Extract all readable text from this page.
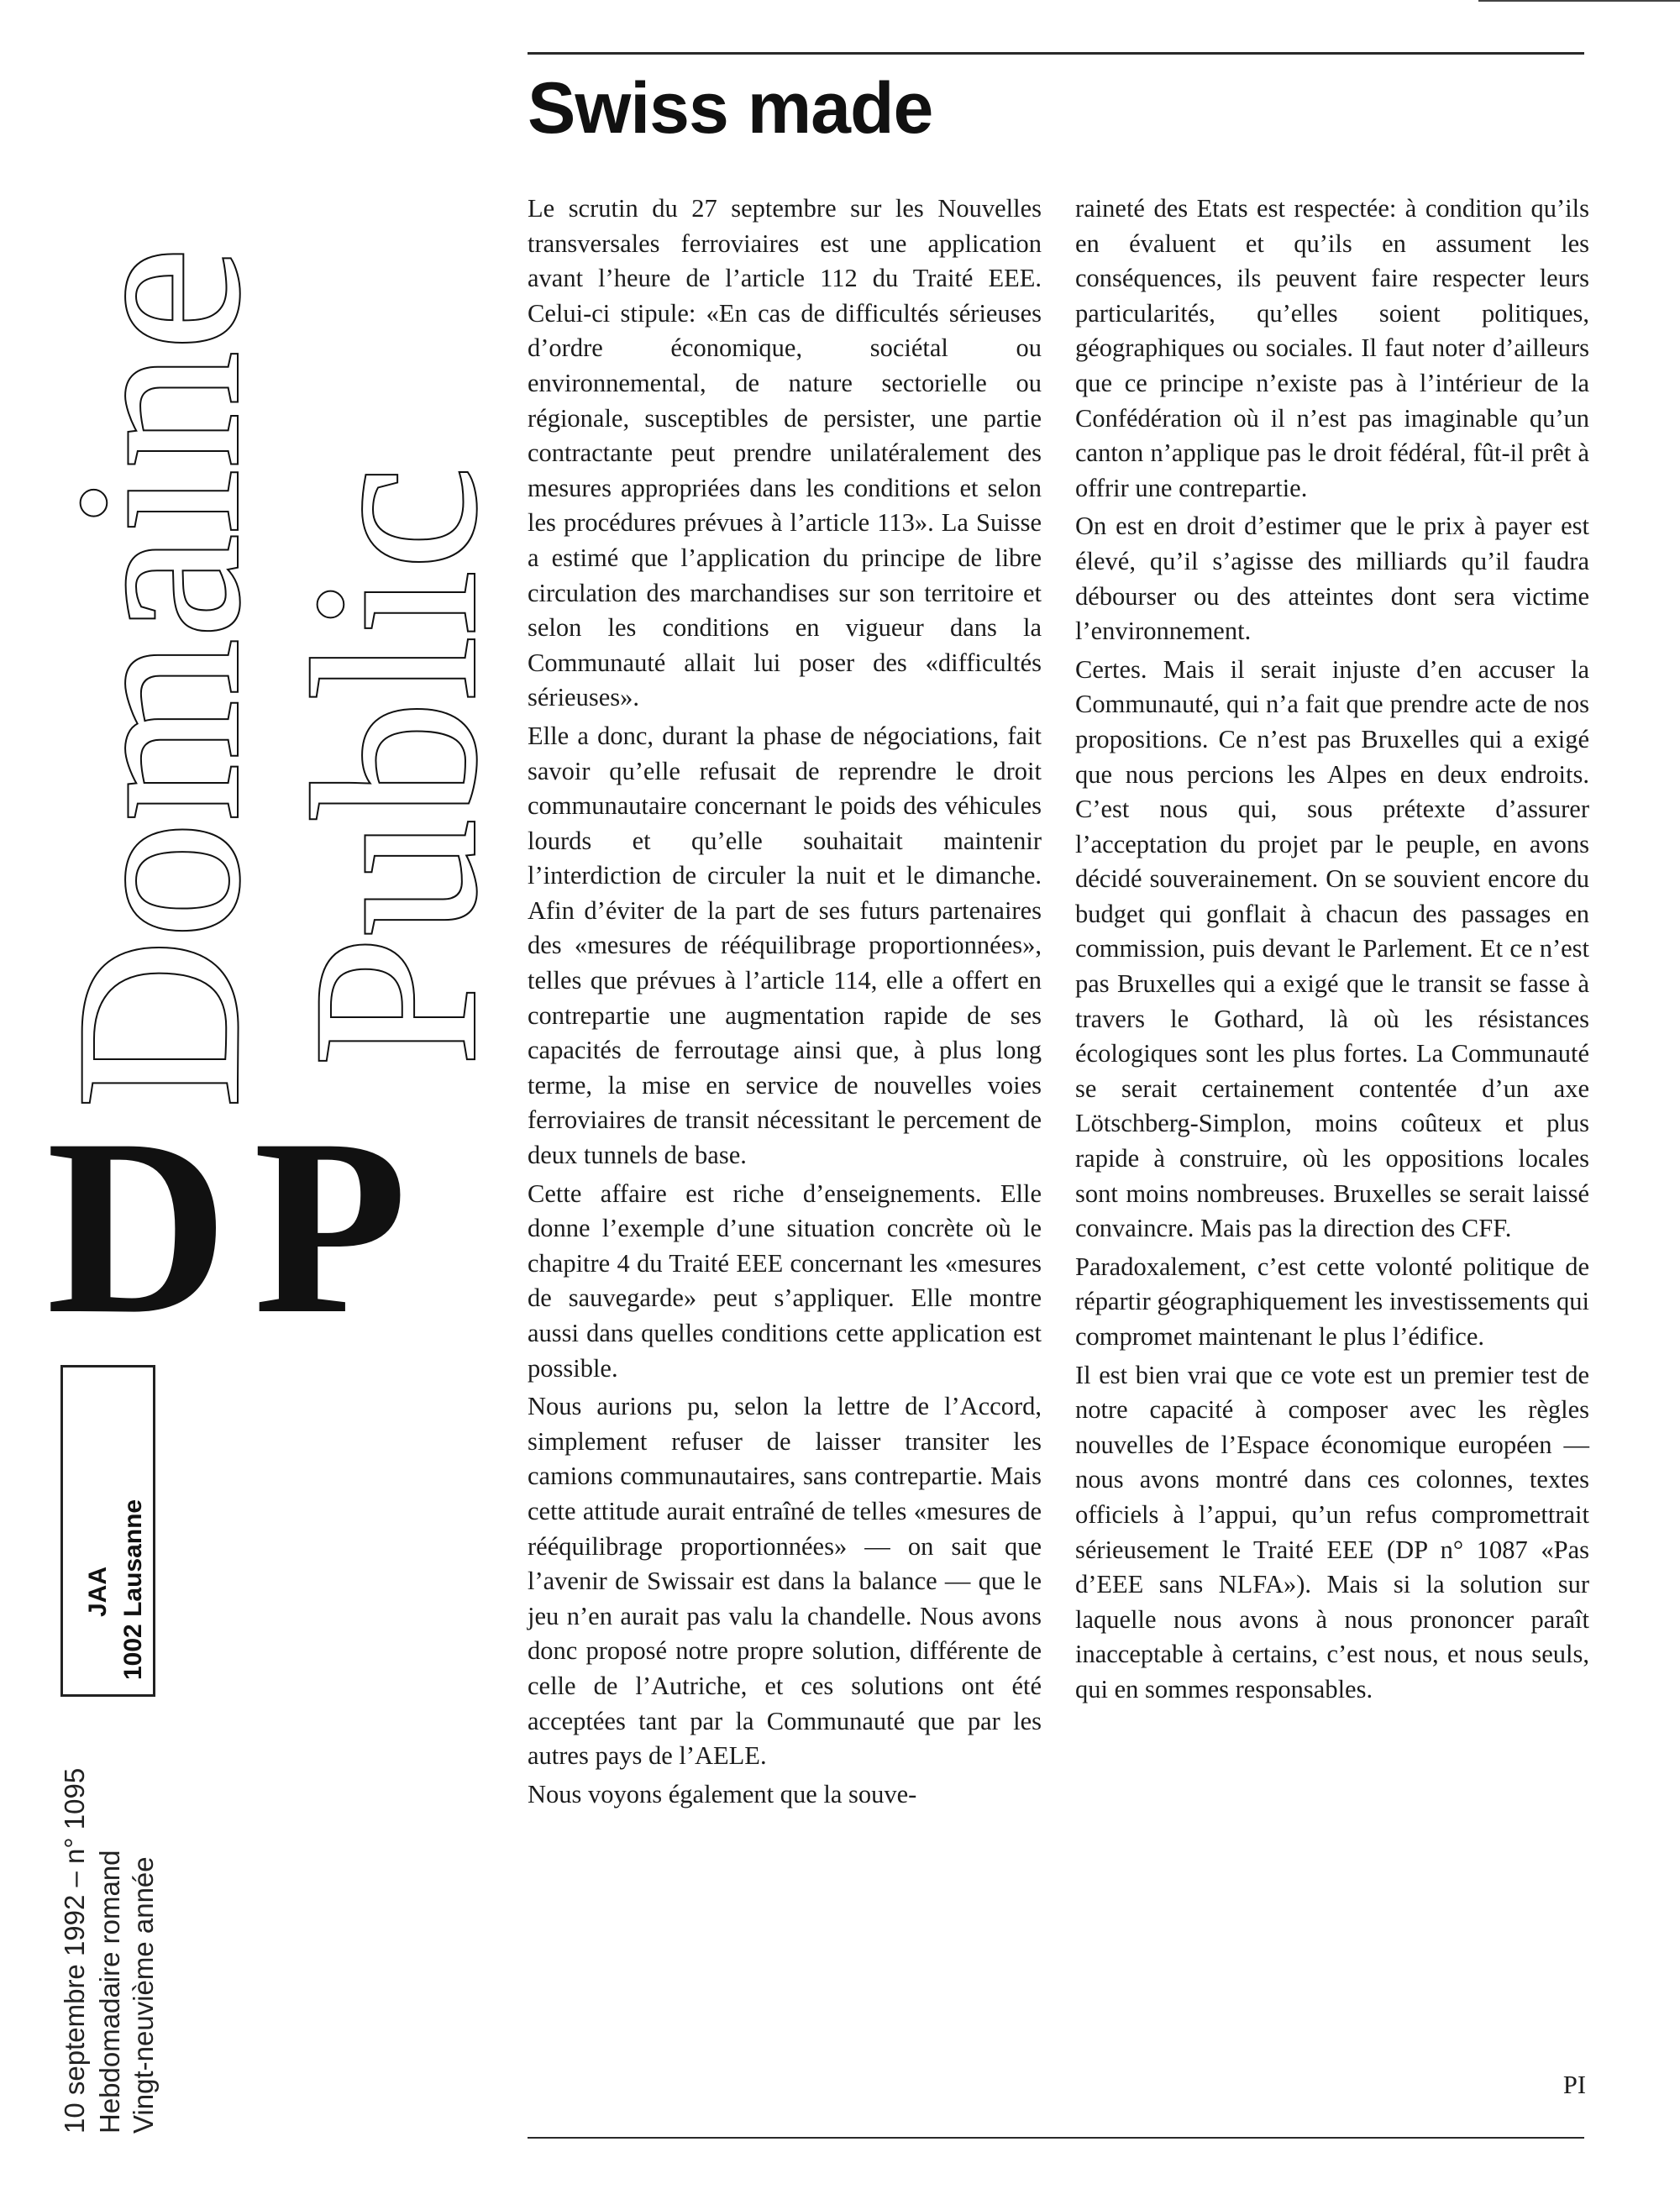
Domaine
Public
DP
JAA 1002 Lausanne
10 septembre 1992 – n° 1095 Hebdomadaire romand Vingt-neuvième année
Swiss made

Le scrutin du 27 septembre sur les Nouvelles transversales ferroviaires est une application avant l’heure de l’article 112 du Traité EEE. Celui-ci stipule: «En cas de difficultés sérieuses d’ordre économique, sociétal ou environnemental, de nature sectorielle ou régionale, susceptibles de persister, une partie contractante peut prendre unilatéralement des mesures appropriées dans les conditions et selon les procédures prévues à l’article 113». La Suisse a estimé que l’application du principe de libre circulation des marchandises sur son territoire et selon les conditions en vigueur dans la Communauté allait lui poser des «difficultés sérieuses».

Elle a donc, durant la phase de négociations, fait savoir qu’elle refusait de reprendre le droit communautaire concernant le poids des véhicules lourds et qu’elle souhaitait maintenir l’interdiction de circuler la nuit et le dimanche. Afin d’éviter de la part de ses futurs partenaires des «mesures de rééquilibrage proportionnées», telles que prévues à l’article 114, elle a offert en contrepartie une augmentation rapide de ses capacités de ferroutage ainsi que, à plus long terme, la mise en service de nouvelles voies ferroviaires de transit nécessitant le percement de deux tunnels de base.

Cette affaire est riche d’enseignements. Elle donne l’exemple d’une situation concrète où le chapitre 4 du Traité EEE concernant les «mesures de sauvegarde» peut s’appliquer. Elle montre aussi dans quelles conditions cette application est possible.

Nous aurions pu, selon la lettre de l’Accord, simplement refuser de laisser transiter les camions communautaires, sans contrepartie. Mais cette attitude aurait entraîné de telles «mesures de rééquilibrage proportionnées» — on sait que l’avenir de Swissair est dans la balance — que le jeu n’en aurait pas valu la chandelle. Nous avons donc proposé notre propre solution, différente de celle de l’Autriche, et ces solutions ont été acceptées tant par la Communauté que par les autres pays de l’AELE.

Nous voyons également que la souve-

raineté des Etats est respectée: à condition qu’ils en évaluent et qu’ils en assument les conséquences, ils peuvent faire respecter leurs particularités, qu’elles soient politiques, géographiques ou sociales. Il faut noter d’ailleurs que ce principe n’existe pas à l’intérieur de la Confédération où il n’est pas imaginable qu’un canton n’applique pas le droit fédéral, fût-il prêt à offrir une contrepartie.

On est en droit d’estimer que le prix à payer est élevé, qu’il s’agisse des milliards qu’il faudra débourser ou des atteintes dont sera victime l’environnement.

Certes. Mais il serait injuste d’en accuser la Communauté, qui n’a fait que prendre acte de nos propositions. Ce n’est pas Bruxelles qui a exigé que nous percions les Alpes en deux endroits. C’est nous qui, sous prétexte d’assurer l’acceptation du projet par le peuple, en avons décidé souverainement. On se souvient encore du budget qui gonflait à chacun des passages en commission, puis devant le Parlement. Et ce n’est pas Bruxelles qui a exigé que le transit se fasse à travers le Gothard, là où les résistances écologiques sont les plus fortes. La Communauté se serait certainement contentée d’un axe Lötschberg-Simplon, moins coûteux et plus rapide à construire, où les oppositions locales sont moins nombreuses. Bruxelles se serait laissé convaincre. Mais pas la direction des CFF.

Paradoxalement, c’est cette volonté politique de répartir géographiquement les investissements qui compromet maintenant le plus l’édifice.

Il est bien vrai que ce vote est un premier test de notre capacité à composer avec les règles nouvelles de l’Espace économique européen — nous avons montré dans ces colonnes, textes officiels à l’appui, qu’un refus compromettrait sérieusement le Traité EEE (DP n° 1087 «Pas d’EEE sans NLFA»). Mais si la solution sur laquelle nous avons à nous prononcer paraît inacceptable à certains, c’est nous, et nous seuls, qui en sommes responsables.

PI
